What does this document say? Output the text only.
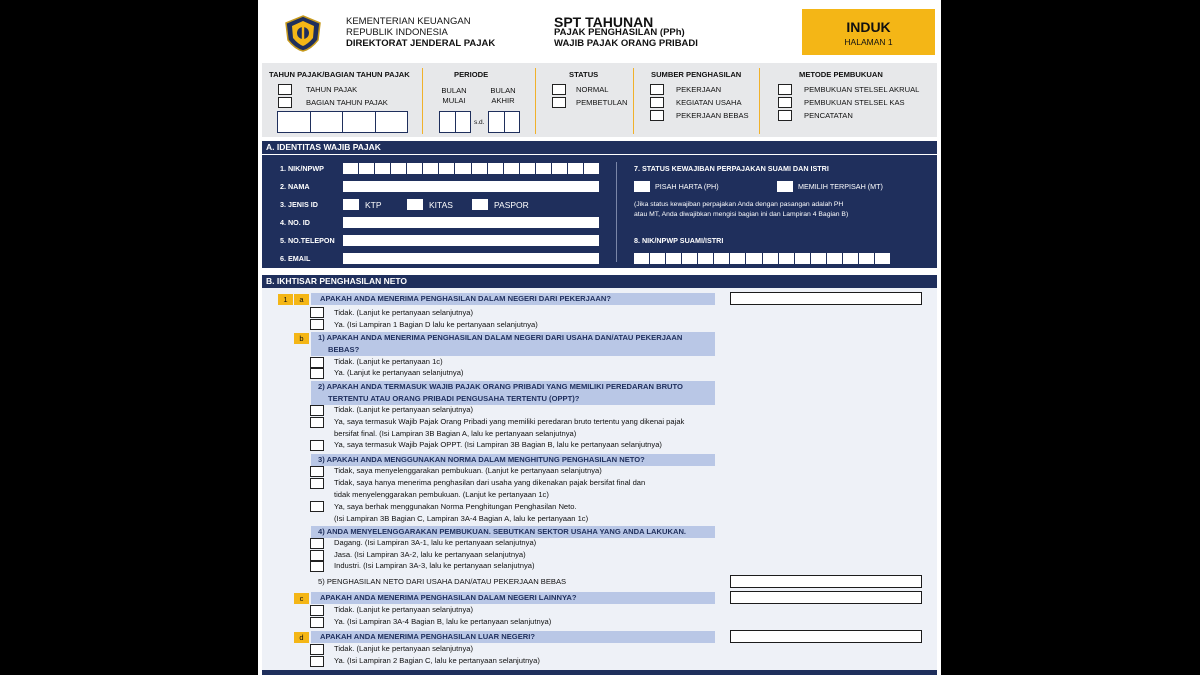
KEMENTERIAN KEUANGAN
REPUBLIK INDONESIA
DIREKTORAT JENDERAL PAJAK
SPT TAHUNAN
PAJAK PENGHASILAN (PPh)
WAJIB PAJAK ORANG PRIBADI
INDUK
HALAMAN 1
TAHUN PAJAK/BAGIAN TAHUN PAJAK
TAHUN PAJAK
BAGIAN TAHUN PAJAK
PERIODE
BULAN MULAI
BULAN AKHIR
s.d.
STATUS
NORMAL
PEMBETULAN
SUMBER PENGHASILAN
PEKERJAAN
KEGIATAN USAHA
PEKERJAAN BEBAS
METODE PEMBUKUAN
PEMBUKUAN STELSEL AKRUAL
PEMBUKUAN STELSEL KAS
PENCATATAN
A. IDENTITAS WAJIB PAJAK
1. NIK/NPWP
2. NAMA
3. JENIS ID	KTP	KITAS	PASPOR
4. NO. ID
5. NO.TELEPON
6. EMAIL
7. STATUS KEWAJIBAN PERPAJAKAN SUAMI DAN ISTRI
PISAH HARTA (PH)	MEMILIH TERPISAH (MT)
(Jika status kewajiban perpajakan Anda dengan pasangan adalah PH
atau MT, Anda diwajibkan mengisi bagian ini dan Lampiran 4 Bagian B)
8. NIK/NPWP SUAMI/ISTRI
B. IKHTISAR PENGHASILAN NETO
1	a	APAKAH ANDA MENERIMA PENGHASILAN DALAM NEGERI DARI PEKERJAAN?
Tidak. (Lanjut ke pertanyaan selanjutnya)
Ya. (Isi Lampiran 1 Bagian D lalu ke pertanyaan selanjutnya)
b	1) APAKAH ANDA MENERIMA PENGHASILAN DALAM NEGERI DARI USAHA DAN/ATAU PEKERJAAN
BEBAS?
Tidak. (Lanjut ke pertanyaan 1c)
Ya. (Lanjut ke pertanyaan selanjutnya)
2) APAKAH ANDA TERMASUK WAJIB PAJAK ORANG PRIBADI YANG MEMILIKI PEREDARAN BRUTO
TERTENTU ATAU ORANG PRIBADI PENGUSAHA TERTENTU (OPPT)?
Tidak. (Lanjut ke pertanyaan selanjutnya)
Ya, saya termasuk Wajib Pajak Orang Pribadi yang memiliki peredaran bruto tertentu yang dikenai pajak
bersifat final. (Isi Lampiran 3B Bagian A, lalu ke pertanyaan selanjutnya)
Ya, saya termasuk Wajib Pajak OPPT. (Isi Lampiran 3B Bagian B, lalu ke pertanyaan selanjutnya)
3) APAKAH ANDA MENGGUNAKAN NORMA DALAM MENGHITUNG PENGHASILAN NETO?
Tidak, saya menyelenggarakan pembukuan. (Lanjut ke pertanyaan selanjutnya)
Tidak, saya hanya menerima penghasilan dari usaha yang dikenakan pajak bersifat final dan
tidak menyelenggarakan pembukuan. (Lanjut ke pertanyaan 1c)
Ya, saya berhak menggunakan Norma Penghitungan Penghasilan Neto.
(Isi Lampiran 3B Bagian C, Lampiran 3A-4 Bagian A, lalu ke pertanyaan 1c)
4) ANDA MENYELENGGARAKAN PEMBUKUAN. SEBUTKAN SEKTOR USAHA YANG ANDA LAKUKAN.
Dagang. (Isi Lampiran 3A-1, lalu ke pertanyaan selanjutnya)
Jasa. (Isi Lampiran 3A-2, lalu ke pertanyaan selanjutnya)
Industri. (Isi Lampiran 3A-3, lalu ke pertanyaan selanjutnya)
5) PENGHASILAN NETO DARI USAHA DAN/ATAU PEKERJAAN BEBAS
c	APAKAH ANDA MENERIMA PENGHASILAN DALAM NEGERI LAINNYA?
Tidak. (Lanjut ke pertanyaan selanjutnya)
Ya. (Isi Lampiran 3A-4 Bagian B, lalu ke pertanyaan selanjutnya)
d	APAKAH ANDA MENERIMA PENGHASILAN LUAR NEGERI?
Tidak. (Lanjut ke pertanyaan selanjutnya)
Ya. (Isi Lampiran 2 Bagian C, lalu ke pertanyaan selanjutnya)
